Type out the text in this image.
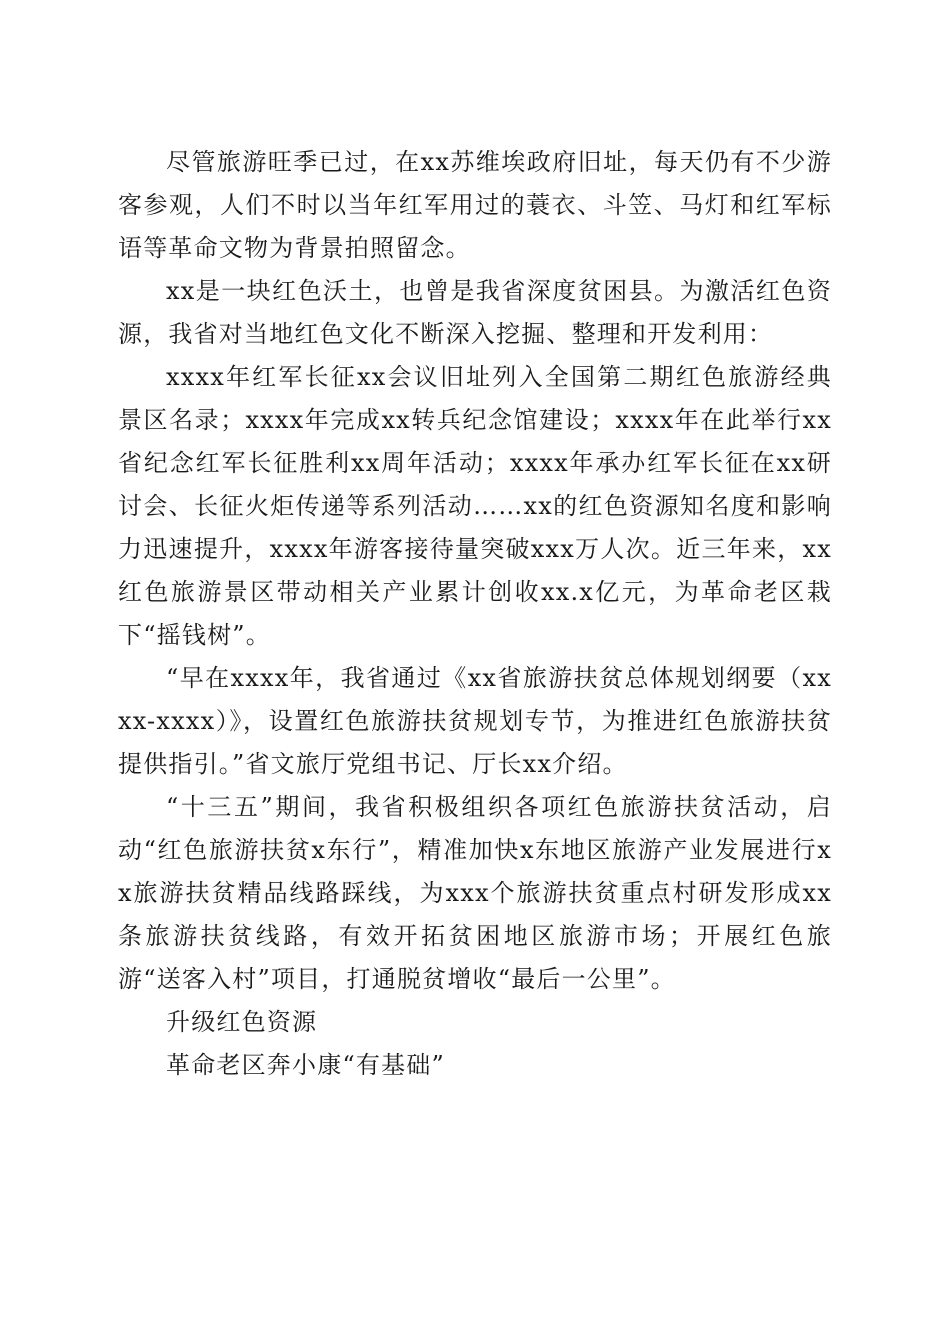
尽管旅游旺季已过，在xx苏维埃政府旧址，每天仍有不少游客参观，人们不时以当年红军用过的蓑衣、斗笠、马灯和红军标语等革命文物为背景拍照留念。

xx是一块红色沃土，也曾是我省深度贫困县。为激活红色资源，我省对当地红色文化不断深入挖掘、整理和开发利用：

xxxx年红军长征xx会议旧址列入全国第二期红色旅游经典景区名录；xxxx年完成xx转兵纪念馆建设；xxxx年在此举行xx省纪念红军长征胜利xx周年活动；xxxx年承办红军长征在xx研讨会、长征火炬传递等系列活动……xx的红色资源知名度和影响力迅速提升，xxxx年游客接待量突破xxx万人次。近三年来，xx红色旅游景区带动相关产业累计创收xx.x亿元，为革命老区栽下“摇钱树”。

“早在xxxx年，我省通过《xx省旅游扶贫总体规划纲要（xxxx-xxxx）》，设置红色旅游扶贫规划专节，为推进红色旅游扶贫提供指引。”省文旅厅党组书记、厅长xx介绍。

“十三五”期间，我省积极组织各项红色旅游扶贫活动，启动“红色旅游扶贫x东行”，精准加快x东地区旅游产业发展进行xx旅游扶贫精品线路踩线，为xxx个旅游扶贫重点村研发形成xx条旅游扶贫线路，有效开拓贫困地区旅游市场；开展红色旅游“送客入村”项目，打通脱贫增收“最后一公里”。

升级红色资源

革命老区奔小康“有基础”
